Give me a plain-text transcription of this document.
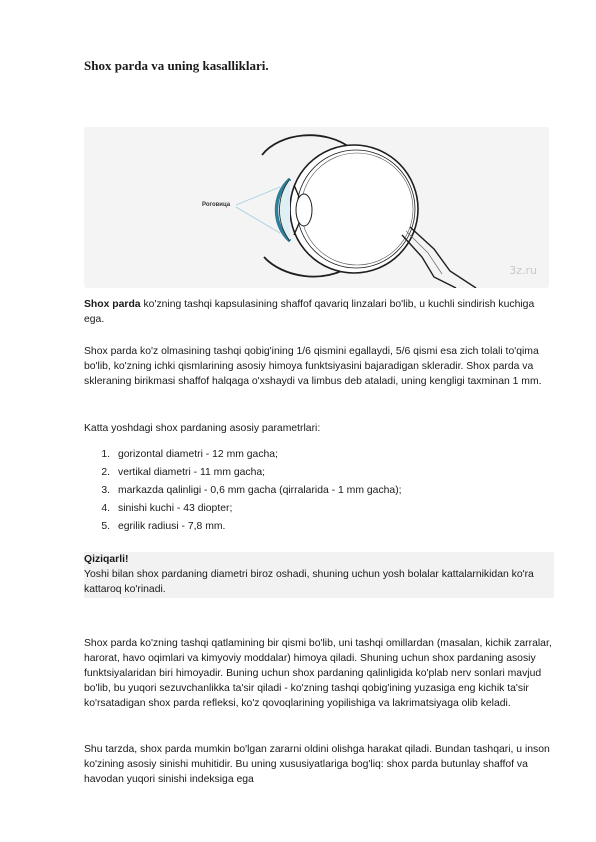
Shox parda va uning kasalliklari.
Роговица
3z.ru

Shox parda ko'zning tashqi kapsulasining shaffof qavariq linzalari bo'lib, u kuchli sindirish kuchiga ega.

Shox parda ko'z olmasining tashqi qobig'ining 1/6 qismini egallaydi, 5/6 qismi esa zich tolali to'qima bo'lib, ko'zning ichki qismlarining asosiy himoya funktsiyasini bajaradigan skleradir. Shox parda va skleraning birikmasi shaffof halqaga o'xshaydi va limbus deb ataladi, uning kengligi taxminan 1 mm.

Katta yoshdagi shox pardaning asosiy parametrlari:

1. gorizontal diametri - 12 mm gacha;
2. vertikal diametri - 11 mm gacha;
3. markazda qalinligi - 0,6 mm gacha (qirralarida - 1 mm gacha);
4. sinishi kuchi - 43 diopter;
5. egrilik radiusi - 7,8 mm.
Qiziqarli!
Yoshi bilan shox pardaning diametri biroz oshadi, shuning uchun yosh bolalar kattalarnikidan ko'ra kattaroq ko'rinadi.

Shox parda ko'zning tashqi qatlamining bir qismi bo'lib, uni tashqi omillardan (masalan, kichik zarralar, harorat, havo oqimlari va kimyoviy moddalar) himoya qiladi. Shuning uchun shox pardaning asosiy funktsiyalaridan biri himoyadir. Buning uchun shox pardaning qalinligida ko'plab nerv sonlari mavjud bo'lib, bu yuqori sezuvchanlikka ta'sir qiladi - ko'zning tashqi qobig'ining yuzasiga eng kichik ta'sir ko'rsatadigan shox parda refleksi, ko'z qovoqlarining yopilishiga va lakrimatsiyaga olib keladi.

Shu tarzda, shox parda mumkin bo'lgan zararni oldini olishga harakat qiladi. Bundan tashqari, u inson ko'zining asosiy sinishi muhitidir. Bu uning xususiyatlariga bog'liq: shox parda butunlay shaffof va havodan yuqori sinishi indeksiga ega
